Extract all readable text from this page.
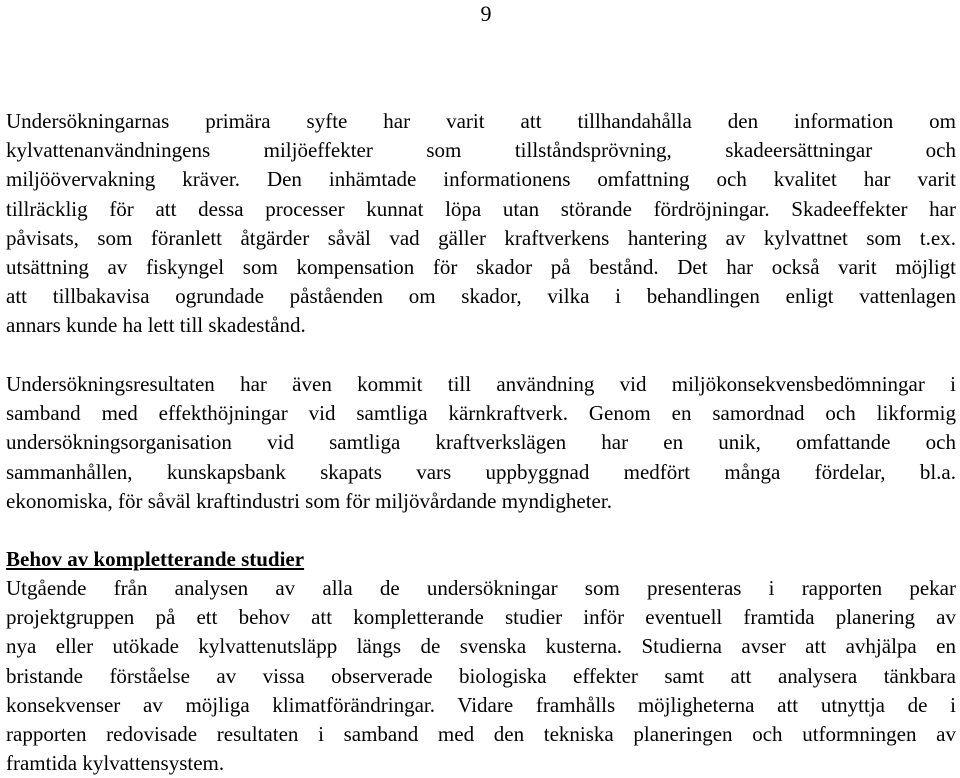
9

Undersökningarnas primära syfte har varit att tillhandahålla den information om
kylvattenanvändningens miljöeffekter som tillståndsprövning, skadeersättningar och
miljöövervakning kräver. Den inhämtade informationens omfattning och kvalitet har varit
tillräcklig för att dessa processer kunnat löpa utan störande fördröjningar. Skadeeffekter har
påvisats, som föranlett åtgärder såväl vad gäller kraftverkens hantering av kylvattnet som t.ex.
utsättning av fiskyngel som kompensation för skador på bestånd. Det har också varit möjligt
att tillbakavisa ogrundade påståenden om skador, vilka i behandlingen enligt vattenlagen
annars kunde ha lett till skadestånd.

Undersökningsresultaten har även kommit till användning vid miljökonsekvensbedömningar i
samband med effekthöjningar vid samtliga kärnkraftverk. Genom en samordnad och likformig
undersökningsorganisation vid samtliga kraftverkslägen har en unik, omfattande och
sammanhållen, kunskapsbank skapats vars uppbyggnad medfört många fördelar, bl.a.
ekonomiska, för såväl kraftindustri som för miljövårdande myndigheter.

Behov av kompletterande studier

Utgående från analysen av alla de undersökningar som presenteras i rapporten pekar
projektgruppen på ett behov att kompletterande studier inför eventuell framtida planering av
nya eller utökade kylvattenutsläpp längs de svenska kusterna. Studierna avser att avhjälpa en
bristande förståelse av vissa observerade biologiska effekter samt att analysera tänkbara
konsekvenser av möjliga klimatförändringar. Vidare framhålls möjligheterna att utnyttja de i
rapporten redovisade resultaten i samband med den tekniska planeringen och utformningen av
framtida kylvattensystem.
